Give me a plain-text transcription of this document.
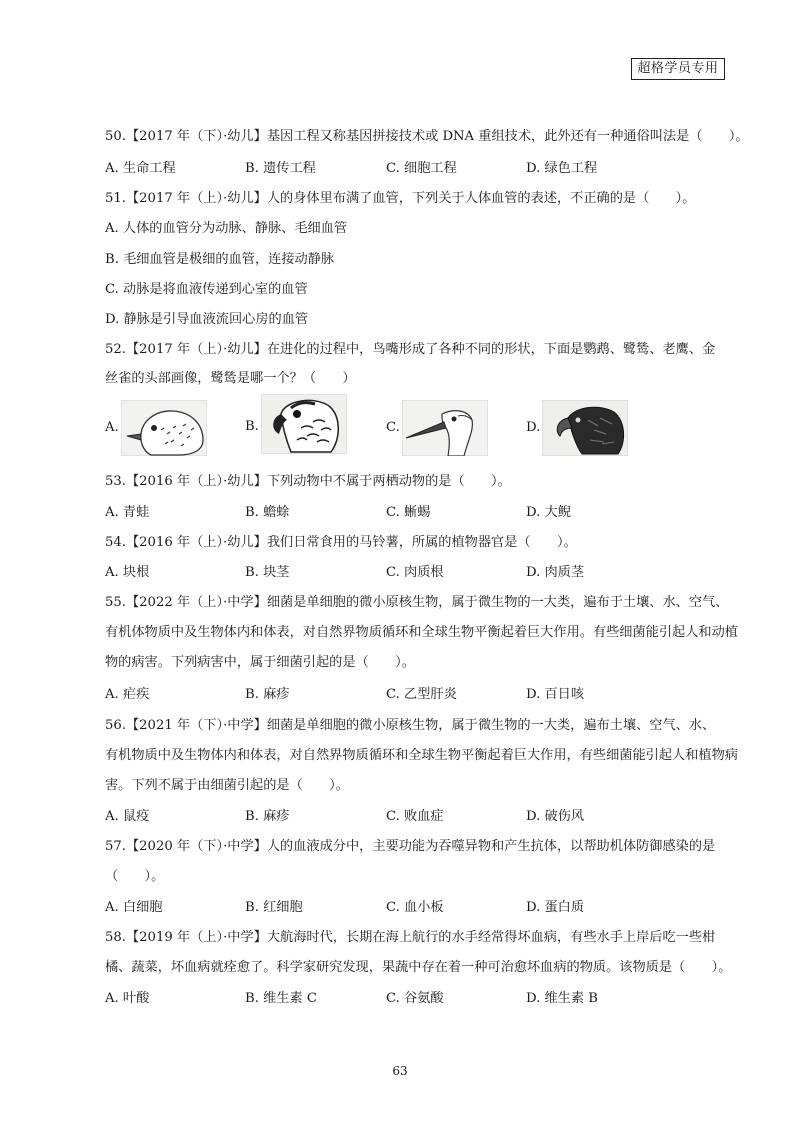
超格学员专用
50.【2017 年（下）·幼儿】基因工程又称基因拼接技术或 DNA 重组技术，此外还有一种通俗叫法是（　　）。
A. 生命工程	B. 遗传工程	C. 细胞工程	D. 绿色工程
51.【2017 年（上）·幼儿】人的身体里布满了血管，下列关于人体血管的表述，不正确的是（　　）。
A. 人体的血管分为动脉、静脉、毛细血管
B. 毛细血管是极细的血管，连接动静脉
C. 动脉是将血液传递到心室的血管
D. 静脉是引导血液流回心房的血管
52.【2017 年（上）·幼儿】在进化的过程中，鸟嘴形成了各种不同的形状，下面是鹦鹉、鹭鸶、老鹰、金
丝雀的头部画像，鹭鸶是哪一个？（　　）
A.	B.	C.	D.
53.【2016 年（上）·幼儿】下列动物中不属于两栖动物的是（　　）。
A. 青蛙	B. 蟾蜍	C. 蜥蜴	D. 大鲵
54.【2016 年（上）·幼儿】我们日常食用的马铃薯，所属的植物器官是（　　）。
A. 块根	B. 块茎	C. 肉质根	D. 肉质茎
55.【2022 年（上）·中学】细菌是单细胞的微小原核生物，属于微生物的一大类，遍布于土壤、水、空气、
有机体物质中及生物体内和体表，对自然界物质循环和全球生物平衡起着巨大作用。有些细菌能引起人和动植
物的病害。下列病害中，属于细菌引起的是（　　）。
A. 疟疾	B. 麻疹	C. 乙型肝炎	D. 百日咳
56.【2021 年（下）·中学】细菌是单细胞的微小原核生物，属于微生物的一大类，遍布土壤、空气、水、
有机物质中及生物体内和体表，对自然界物质循环和全球生物平衡起着巨大作用，有些细菌能引起人和植物病
害。下列不属于由细菌引起的是（　　）。
A. 鼠疫	B. 麻疹	C. 败血症	D. 破伤风
57.【2020 年（下）·中学】人的血液成分中，主要功能为吞噬异物和产生抗体，以帮助机体防御感染的是
（　　）。
A. 白细胞	B. 红细胞	C. 血小板	D. 蛋白质
58.【2019 年（上）·中学】大航海时代，长期在海上航行的水手经常得坏血病，有些水手上岸后吃一些柑
橘、蔬菜，坏血病就痊愈了。科学家研究发现，果蔬中存在着一种可治愈坏血病的物质。该物质是（　　）。
A. 叶酸	B. 维生素 C	C. 谷氨酸	D. 维生素 B
63
